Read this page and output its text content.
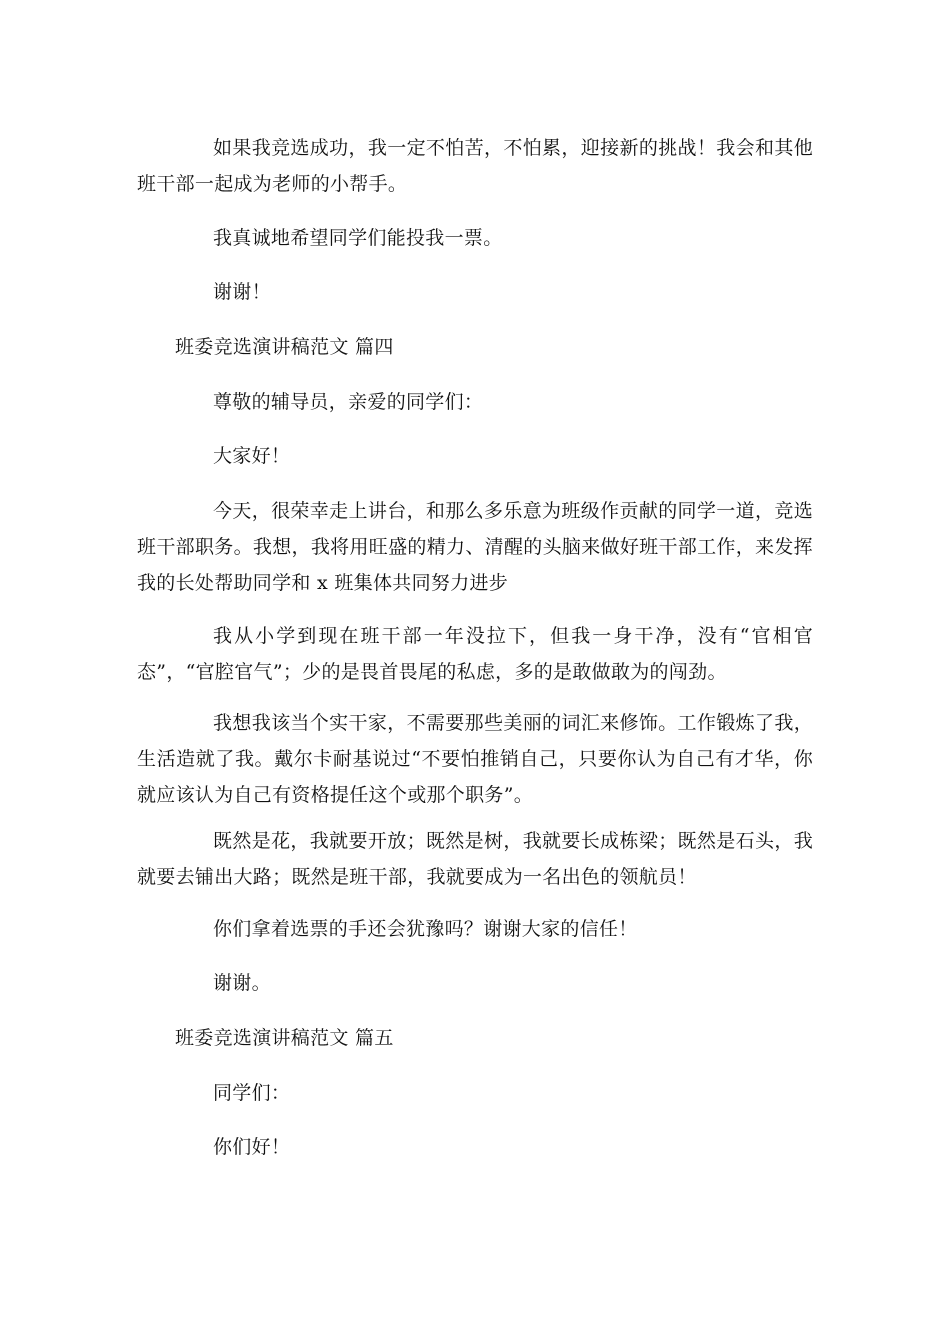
如果我竞选成功，我一定不怕苦，不怕累，迎接新的挑战！我会和其他班干部一起成为老师的小帮手。

我真诚地希望同学们能投我一票。

谢谢！

班委竞选演讲稿范文 篇四

尊敬的辅导员，亲爱的同学们：

大家好！

今天，很荣幸走上讲台，和那么多乐意为班级作贡献的同学一道，竞选班干部职务。我想，我将用旺盛的精力、清醒的头脑来做好班干部工作，来发挥我的长处帮助同学和 x 班集体共同努力进步

我从小学到现在班干部一年没拉下，但我一身干净，没有“官相官态”，“官腔官气”；少的是畏首畏尾的私虑，多的是敢做敢为的闯劲。

我想我该当个实干家，不需要那些美丽的词汇来修饰。工作锻炼了我，生活造就了我。戴尔卡耐基说过“不要怕推销自己，只要你认为自己有才华，你就应该认为自己有资格提任这个或那个职务”。

既然是花，我就要开放；既然是树，我就要长成栋梁；既然是石头，我就要去铺出大路；既然是班干部，我就要成为一名出色的领航员！

你们拿着选票的手还会犹豫吗？谢谢大家的信任！

谢谢。

班委竞选演讲稿范文 篇五

同学们：

你们好！
